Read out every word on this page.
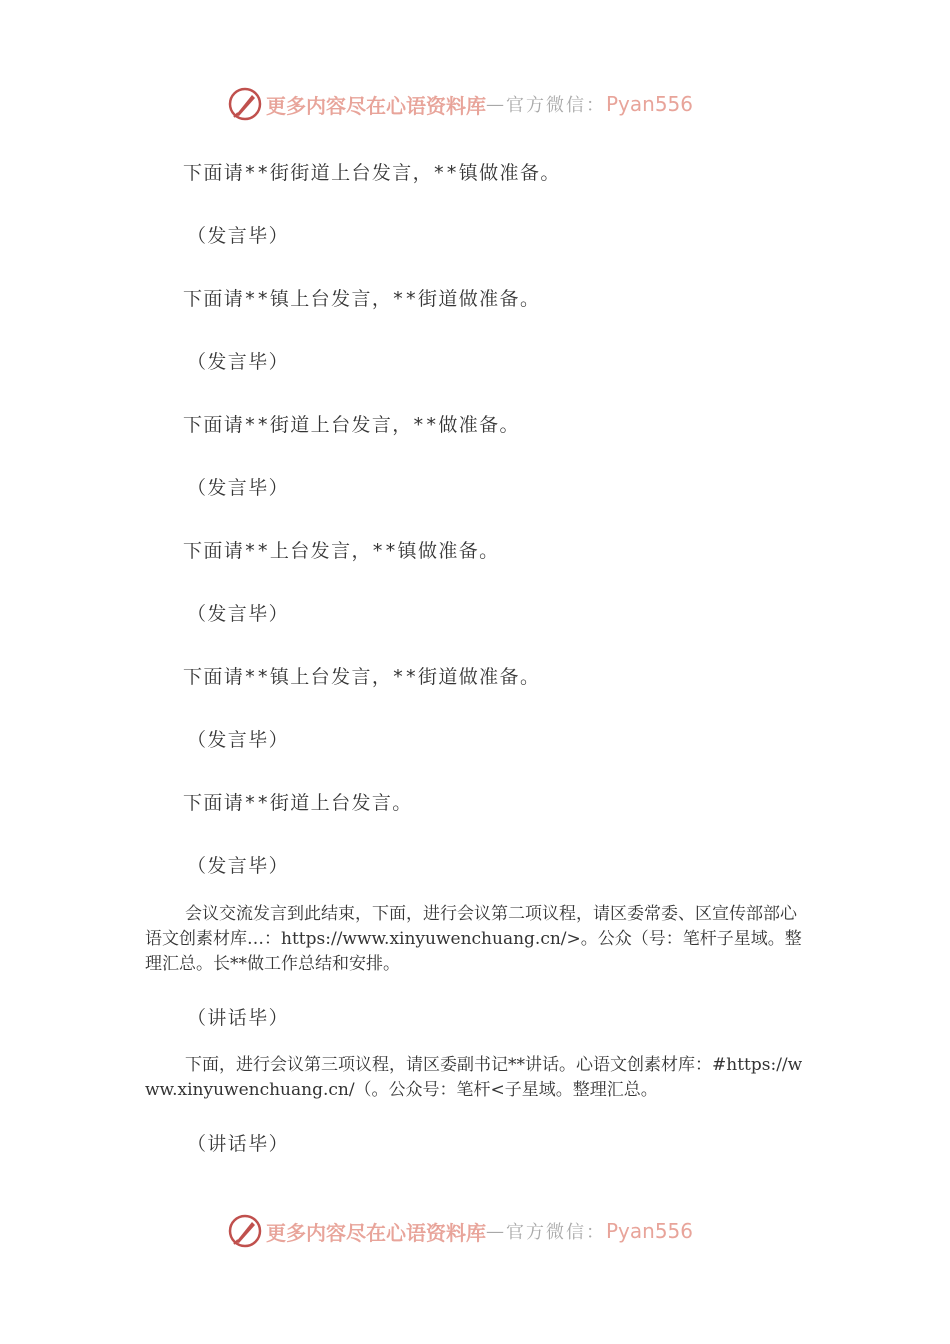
更多内容尽在心语资料库 — 官方微信： Pyan556
下面请**街街道上台发言，**镇做准备。
（发言毕）
下面请**镇上台发言，**街道做准备。
（发言毕）
下面请**街道上台发言，**做准备。
（发言毕）
下面请**上台发言，**镇做准备。
（发言毕）
下面请**镇上台发言，**街道做准备。
（发言毕）
下面请**街道上台发言。
（发言毕）
会议交流发言到此结束，下面，进行会议第二项议程，请区委常委、区宣传部部心语文创素材库…：https://www.xinyuwenchuang.cn/>。公众（号：笔杆子星域。整理汇总。长**做工作总结和安排。
（讲话毕）
下面，进行会议第三项议程，请区委副书记**讲话。心语文创素材库：#https://www.xinyuwenchuang.cn/（。公众号：笔杆<子星域。整理汇总。
（讲话毕）
更多内容尽在心语资料库 — 官方微信： Pyan556
